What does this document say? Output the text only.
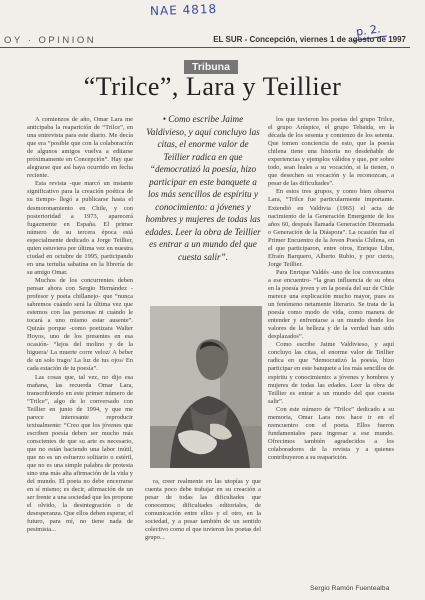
NAE 4818
p. 2.
OY · OPINION	EL SUR - Concepción, viernes 1 de agosto de 1997
Tribuna
“Trilce”, Lara y Teillier

A comienzos de año, Omar Lara me anticipaba la reaparición de “Trilce”, en una entrevista para este diario. Me decía que era “posible que con la colaboración de algunos amigos vuelva a editarse próximamente en Concepción”. Hay que alegrarse que así haya ocurrido en fecha reciente.

Esta revista -que marcó un instante significativo para la creación poética de su tiempo- llegó a publicarse hasta el desmoronamiento en Chile, y con posterioridad a 1973, aparecerá fugazmente en España. El primer número de su tercera época está especialmente dedicado a Jorge Teillier, quien estuviera por última vez en nuestra ciudad en octubre de 1995, participando en una tertulia sabatina en la librería de su amigo Omar.

Muchos de los concurrentes deben pensar ahora con Sergio Hernández -profesor y poeta chillanejo- que “nunca sabremos cuándo será la última vez que estemos con las personas ni cuándo le tocará a uno mismo estar ausente”. Quizás porque -como poetizara Walter Hoyos, uno de los presentes en esa ocasión- “lejos del molino y de la higuera/ La muerte corre veloz/ A beber de un solo trago/ La luz de tus ojos/ En cada estación de tu poesía”.

Las cosas que, tal vez, no dijo esa mañana, las recuerda Omar Lara, transcribiendo en este primer número de “Trilce”, algo de lo conversado con Teillier en junio de 1994, y que me parece interesante reproducir textualmente: “Creo que los jóvenes que escriben poesía deben ser mucho más conscientes de que su arte es necesario, que no están haciendo una labor inútil, que no es un esfuerzo solitario o estéril, que no es una simple palabra de protesta sino una más alta afirmación de la vida y del mundo. El poeta no debe encerrarse en sí mismo; es decir, afirmación de un ser frente a una sociedad que les propone el olvido, la desintegración o de desesperanza. Que ellos deben esperar, el futuro, para mí, no tiene nada de pesimista...

• Como escribe Jaime Valdivieso, y aquí concluyo las citas, el enorme valor de Teillier radica en que “democratizó la poesía, hizo participar en este banquete a los más sencillos de espíritu y conocimiento: a jóvenes y hombres y mujeres de todas las edades. Leer la obra de Teillier es entrar a un mundo del que cuesta salir”.

ra, creer realmente en las utopías y que cuenta poco debe trabajar en su creación a pesar de todas las dificultades que conocemos; dificultades editoriales, de comunicación entre ellos y el otro, en la sociedad, y a pesar también de un sentido colectivo como el que tuvieron los poetas del grupo...

los que tuvieron los poetas del grupo Trilce, el grupo Arúspice, el grupo Tebaida, en la década de los sesenta y comienzo de los setenta. Que tomen conciencia de esto, que la poesía chilena tiene una historia no desdeñable de experiencias y ejemplos válidos y que, por sobre todo, sean leales a su vocación, si la tienen, o que desechen su vocación y la reconozcan, a pesar de las dificultades”.

En estos tres grupos, y como bien observa Lara, “Trilce fue particularmente importante. Extendió en Valdivia (1965) el acta de nacimiento de la Generación Emergente de los años 60, después llamada Generación Diezmada o Generación de la Diáspora”. La ocasión fue el Primer Encuentro de la Joven Poesía Chilena, en el que participaron, entre otros, Enrique Lihn, Efraín Barquero, Alberto Rubio, y por cierto, Jorge Teillier.

Para Enrique Valdés -uno de los convocantes a ese encuentro- “la gran influencia de su obra en la poesía joven y en la poesía del sur de Chile merece una explicación mucho mayor, pues es un fenómeno netamente literario. Se trata de la poesía como modo de vida, como manera de entender y enfrentarse a un mundo donde los valores de la belleza y de la verdad han sido desplazados”.

Como escribe Jaime Valdivieso, y aquí concluyo las citas, el enorme valor de Teillier radica en que “democratizó la poesía, hizo participar en este banquete a los más sencillos de espíritu y conocimiento: a jóvenes y hombres y mujeres de todas las edades. Leer la obra de Teillier es entrar a un mundo del que cuesta salir”.

Con este número de “Trilce” dedicado a su memoria, Omar Lara nos hace ir en el reencuentro con el poeta. Ellos fueron fundamentales para ingresar a ese mundo. Ofrecimos también agradecidos a los colaboradores de la revista y a quienes contribuyeron a su reaparición.

Sergio Ramón Fuentealba
